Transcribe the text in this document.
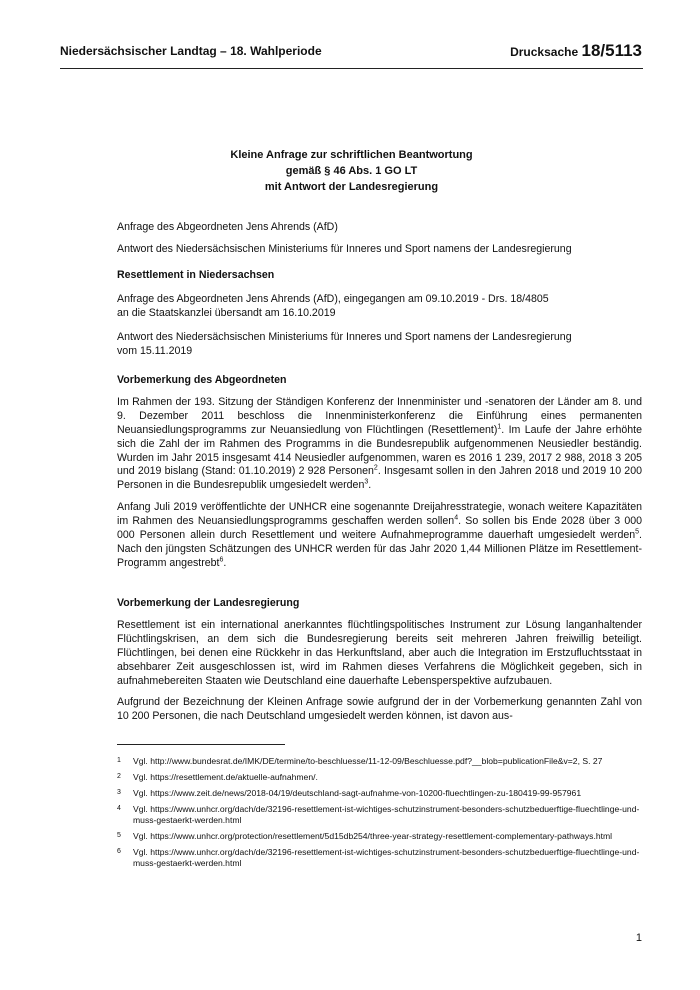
Niedersächsischer Landtag – 18. Wahlperiode	Drucksache 18/5113
Kleine Anfrage zur schriftlichen Beantwortung
gemäß § 46 Abs. 1 GO LT
mit Antwort der Landesregierung

Anfrage des Abgeordneten Jens Ahrends (AfD)

Antwort des Niedersächsischen Ministeriums für Inneres und Sport namens der Landesregierung

Resettlement in Niedersachsen

Anfrage des Abgeordneten Jens Ahrends (AfD), eingegangen am 09.10.2019 - Drs. 18/4805
an die Staatskanzlei übersandt am 16.10.2019

Antwort des Niedersächsischen Ministeriums für Inneres und Sport namens der Landesregierung
vom 15.11.2019

Vorbemerkung des Abgeordneten

Im Rahmen der 193. Sitzung der Ständigen Konferenz der Innenminister und -senatoren der Länder am 8. und 9. Dezember 2011 beschloss die Innenministerkonferenz die Einführung eines permanenten Neuansiedlungsprogramms zur Neuansiedlung von Flüchtlingen (Resettlement)$^1$. Im Laufe der Jahre erhöhte sich die Zahl der im Rahmen des Programms in die Bundesrepublik aufgenommenen Neusiedler beständig. Wurden im Jahr 2015 insgesamt 414 Neusiedler aufgenommen, waren es 2016 1 239, 2017 2 988, 2018 3 205 und 2019 bislang (Stand: 01.10.2019) 2 928 Personen$^2$. Insgesamt sollen in den Jahren 2018 und 2019 10 200 Personen in die Bundesrepublik umgesiedelt werden$^3$.

Anfang Juli 2019 veröffentlichte der UNHCR eine sogenannte Dreijahresstrategie, wonach weitere Kapazitäten im Rahmen des Neuansiedlungsprogramms geschaffen werden sollen$^4$. So sollen bis Ende 2028 über 3 000 000 Personen allein durch Resettlement und weitere Aufnahmeprogramme dauerhaft umgesiedelt werden$^5$. Nach den jüngsten Schätzungen des UNHCR werden für das Jahr 2020 1,44 Millionen Plätze im Resettlement-Programm angestrebt$^6$.

Vorbemerkung der Landesregierung

Resettlement ist ein international anerkanntes flüchtlingspolitisches Instrument zur Lösung langanhaltender Flüchtlingskrisen, an dem sich die Bundesregierung bereits seit mehreren Jahren freiwillig beteiligt. Flüchtlingen, bei denen eine Rückkehr in das Herkunftsland, aber auch die Integration im Erstzufluchtsstaat in absehbarer Zeit ausgeschlossen ist, wird im Rahmen dieses Verfahrens die Möglichkeit gegeben, sich in aufnahmebereiten Staaten wie Deutschland eine dauerhafte Lebensperspektive aufzubauen.

Aufgrund der Bezeichnung der Kleinen Anfrage sowie aufgrund der in der Vorbemerkung genannten Zahl von 10 200 Personen, die nach Deutschland umgesiedelt werden können, ist davon aus-

1	Vgl. http://www.bundesrat.de/IMK/DE/termine/to-beschluesse/11-12-09/Beschluesse.pdf?__blob=publicationFile&v=2, S. 27
2	Vgl. https://resettlement.de/aktuelle-aufnahmen/.
3	Vgl. https://www.zeit.de/news/2018-04/19/deutschland-sagt-aufnahme-von-10200-fluechtlingen-zu-180419-99-957961
4	Vgl. https://www.unhcr.org/dach/de/32196-resettlement-ist-wichtiges-schutzinstrument-besonders-schutzbeduerftige-fluechtlinge-und-muss-gestaerkt-werden.html
5	Vgl. https://www.unhcr.org/protection/resettlement/5d15db254/three-year-strategy-resettlement-complementary-pathways.html
6	Vgl. https://www.unhcr.org/dach/de/32196-resettlement-ist-wichtiges-schutzinstrument-besonders-schutzbeduerftige-fluechtlinge-und-muss-gestaerkt-werden.html
1
